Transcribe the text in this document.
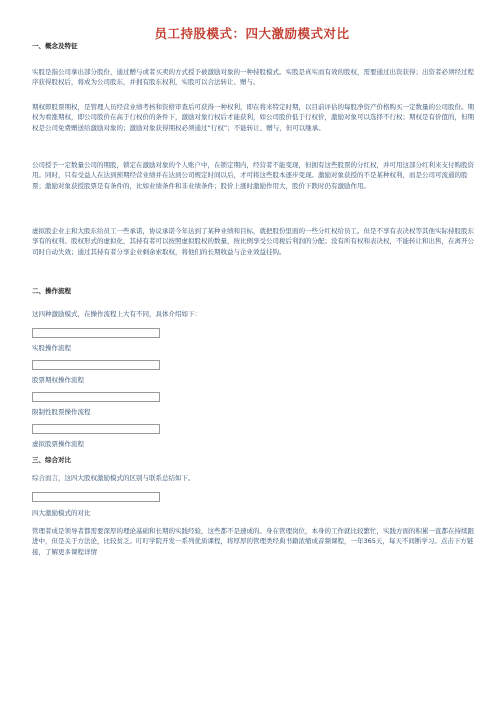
员工持股模式：四大激励模式对比

一、概念及特征

实股是指公司拿出部分股份，通过赠与或者买卖的方式授予被激励对象的一种持股模式。实股是真实而有效的股权，需要通过出资获得；出资者必须经过程序获得股权后，将成为公司股东，并拥有股东权利，实股可以合法转让、赠与。

期权即股票期权，是管理人员经营业绩考核和资格审查后可获得一种权利，即在将来特定时期，以目前评估的每股净资产价格购买一定数量的公司股份。期权为看涨期权，即公司股价在高于行权价的条件下，激励对象行权后才能获利，如公司股价低于行权价，激励对象可以选择不行权；期权是有价值的，但期权是公司免费赠送给激励对象的；激励对象获得期权必须通过“行权”；不能转让、赠与，但可以继承。

公司授予一定数量公司的期股，锁定在激励对象的个人账户中，在锁定期内，经营者不能变现，但拥有这些股票的分红权，并可用这部分红利来支付购股资用。同时，只有受益人在达到预期经营业绩并在达到公司规定时间以后，才可将这些股本逐步变现。激励对象获授的不是某种权利，而是公司可流通的股票；激励对象获授股票是有条件的，比如业绩条件和非业绩条件；股价上涨时激励作用大，股价下跌时仍有激励作用。

虚拟股企业主和大股东给员工一些承诺，协议承诺今年达到了某种业绩和目标，就把股份里面的一些分红权给员工。但是不享有表决权等其他实际持股股东享有的权利。股权形式的虚拟化，其持有者可以按照虚拟股权的数量，按比例享受公司税后利润的分配；没有所有权和表决权，不能转让和出售，在离开公司时自动失效；通过其持有者分享企业剩余索取权，将他们的长期收益与企业效益挂钩。

二、操作流程

这四种激励模式，在操作流程上大有不同，具体介绍如下：

实股操作流程

股票期权操作流程

限制性股票操作流程

虚拟股票操作流程

三、综合对比

综合而言，这四大股权激励模式的区别与联系总结如下。

四大激励模式的对比

管理者成是领导者都需要深厚的理论基础和长期的实践经验，这些都不是速成的。身在管理岗位，本身的工作就比较繁忙，实践方面的积累一直都在持续跟进中，但是关于方法论，比较贫乏。叮叮学院开发一系列优质课程，将厚厚的管理类经典书籍浓缩成音频课程，一年365天，每天不间断学习。点击下方链接，了解更多课程详情
